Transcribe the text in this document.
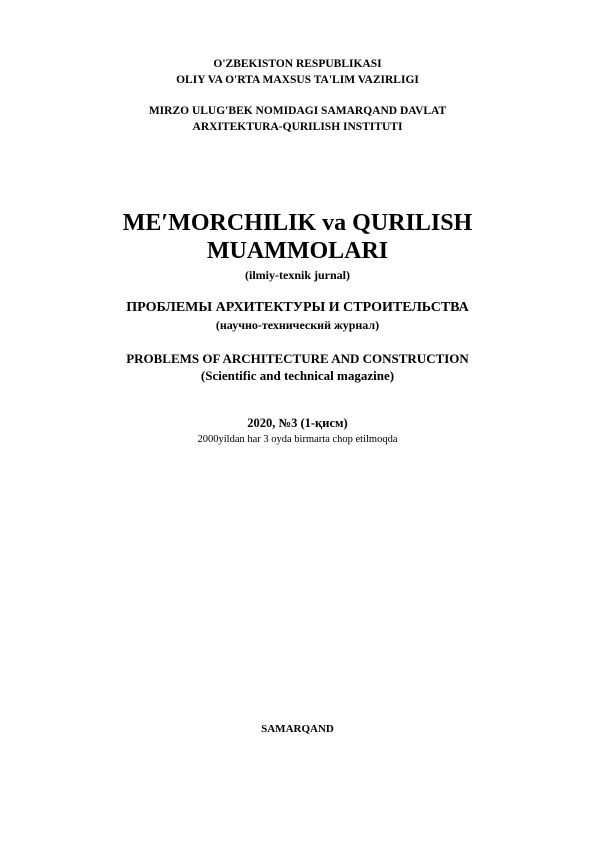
O'ZBEKISTON RESPUBLIKASI
OLIY VA O'RTA MAXSUS TA'LIM VAZIRLIGI
MIRZO ULUG′BEK NOMIDAGI SAMARQAND DAVLAT
ARXITEKTURA-QURILISH INSTITUTI
ME′MORCHILIK va QURILISH
MUAMMOLARI
(ilmiy-texnik jurnal)
ПРОБЛЕМЫ АРХИТЕКТУРЫ И СТРОИТЕЛЬСТВА
(научно-технический журнал)
PROBLEMS OF ARCHITECTURE AND CONSTRUCTION
(Scientific and technical magazine)
2020, №3 (1-қисм)
2000yildan har 3 oyda birmarta chop etilmoqda
SAMARQAND
